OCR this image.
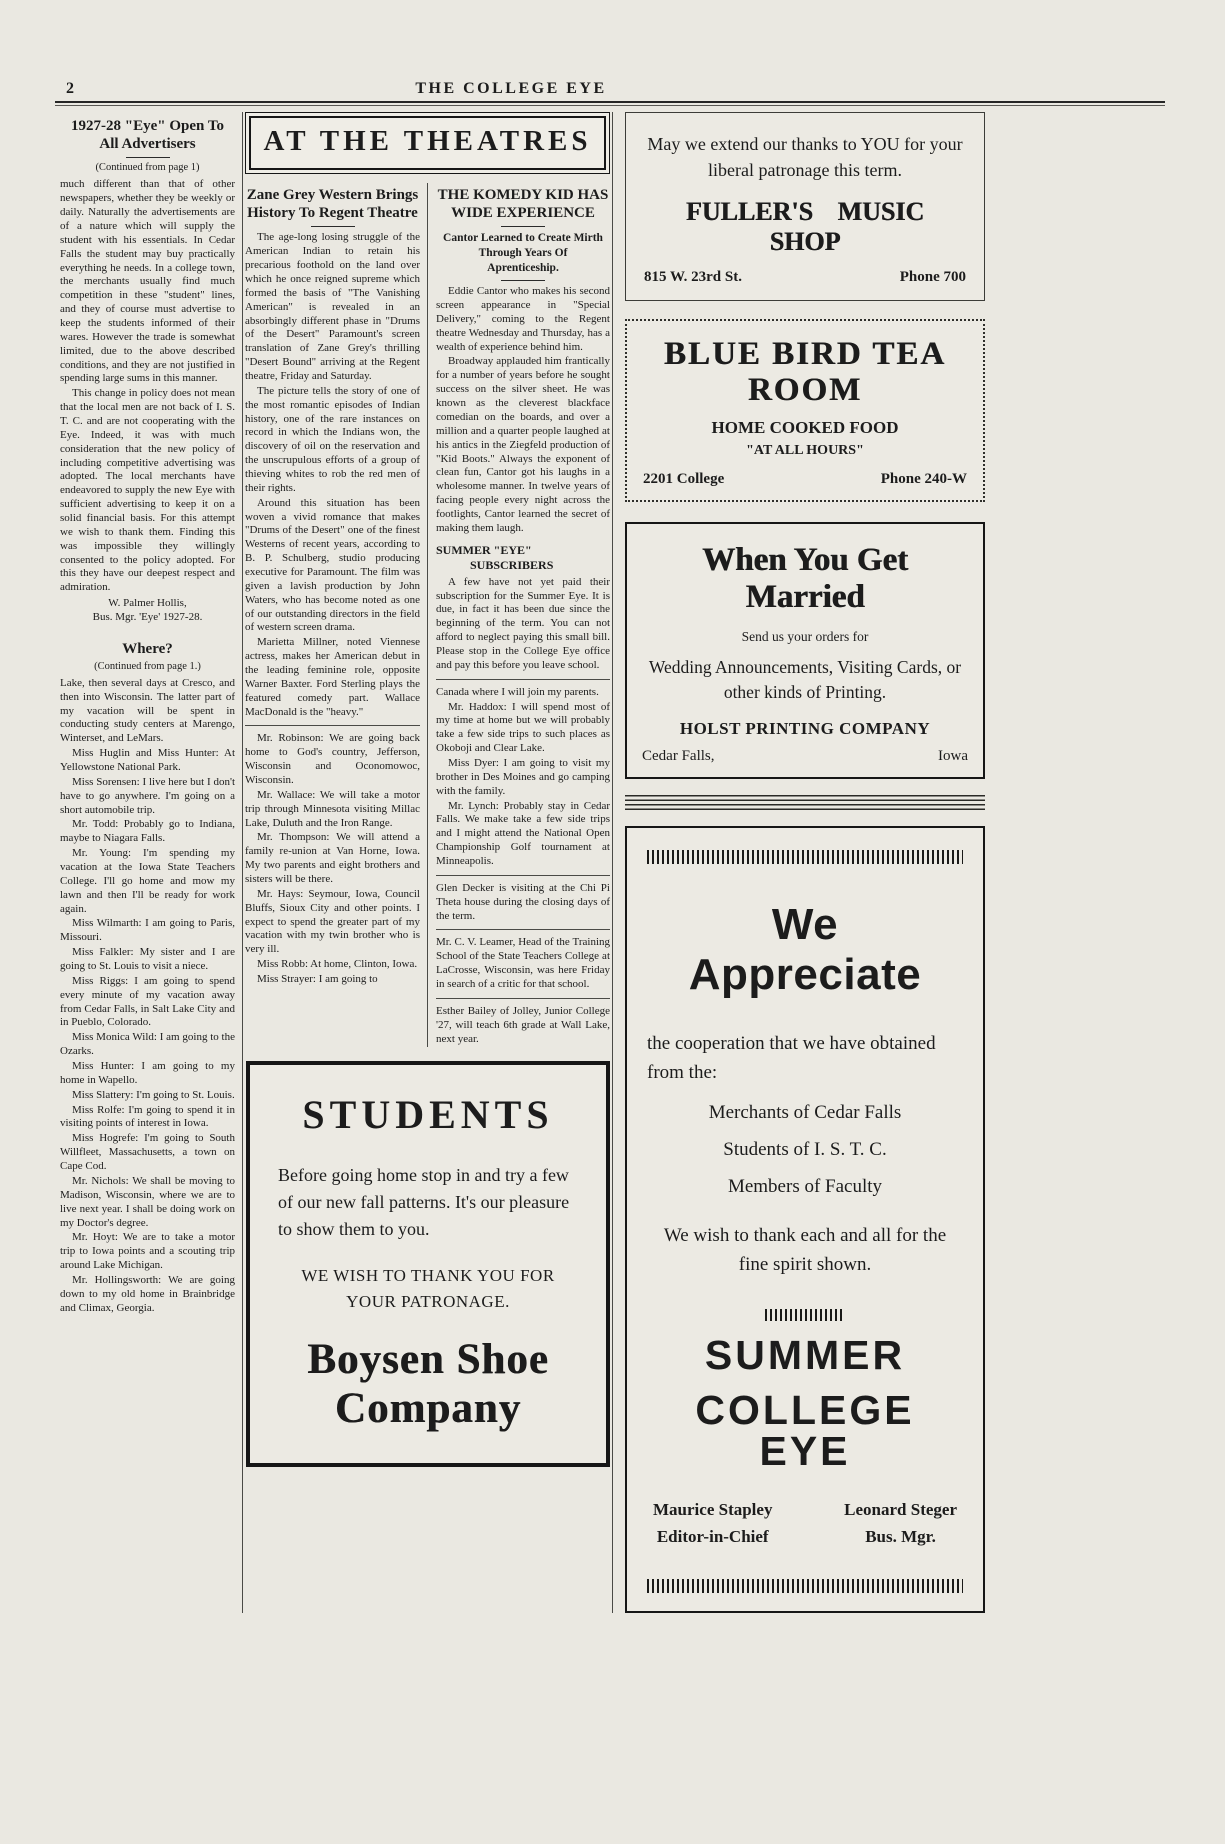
2	THE COLLEGE EYE
1927-28 "Eye" Open To All Advertisers
(Continued from page 1)

much different than that of other newspapers, whether they be weekly or daily. Naturally the advertisements are of a nature which will supply the student with his essentials. In Cedar Falls the student may buy practically everything he needs. In a college town, the merchants usually find much competition in these "student" lines, and they of course must advertise to keep the students informed of their wares. However the trade is somewhat limited, due to the above described conditions, and they are not justified in spending large sums in this manner.

This change in policy does not mean that the local men are not back of I. S. T. C. and are not cooperating with the Eye. Indeed, it was with much consideration that the new policy of including competitive advertising was adopted. The local merchants have endeavored to supply the new Eye with sufficient advertising to keep it on a solid financial basis. For this attempt we wish to thank them. Finding this was impossible they willingly consented to the policy adopted. For this they have our deepest respect and admiration.

W. Palmer Hollis,
Bus. Mgr. 'Eye' 1927-28.
Where?
(Continued from page 1.)

Lake, then several days at Cresco, and then into Wisconsin. The latter part of my vacation will be spent in conducting study centers at Marengo, Winterset, and LeMars.

Miss Huglin and Miss Hunter: At Yellowstone National Park.

Miss Sorensen: I live here but I don't have to go anywhere. I'm going on a short automobile trip.

Mr. Todd: Probably go to Indiana, maybe to Niagara Falls.

Mr. Young: I'm spending my vacation at the Iowa State Teachers College. I'll go home and mow my lawn and then I'll be ready for work again.

Miss Wilmarth: I am going to Paris, Missouri.

Miss Falkler: My sister and I are going to St. Louis to visit a niece.

Miss Riggs: I am going to spend every minute of my vacation away from Cedar Falls, in Salt Lake City and in Pueblo, Colorado.

Miss Monica Wild: I am going to the Ozarks.

Miss Hunter: I am going to my home in Wapello.

Miss Slattery: I'm going to St. Louis.

Miss Rolfe: I'm going to spend it in visiting points of interest in Iowa.

Miss Hogrefe: I'm going to South Willfleet, Massachusetts, a town on Cape Cod.

Mr. Nichols: We shall be moving to Madison, Wisconsin, where we are to live next year. I shall be doing work on my Doctor's degree.

Mr. Hoyt: We are to take a motor trip to Iowa points and a scouting trip around Lake Michigan.

Mr. Hollingsworth: We are going down to my old home in Brainbridge and Climax, Georgia.

AT THE THEATRES
Zane Grey Western Brings History To Regent Theatre

The age-long losing struggle of the American Indian to retain his precarious foothold on the land over which he once reigned supreme which formed the basis of "The Vanishing American" is revealed in an absorbingly different phase in "Drums of the Desert" Paramount's screen translation of Zane Grey's thrilling "Desert Bound" arriving at the Regent theatre, Friday and Saturday.

The picture tells the story of one of the most romantic episodes of Indian history, one of the rare instances on record in which the Indians won, the discovery of oil on the reservation and the unscrupulous efforts of a group of thieving whites to rob the red men of their rights.

Around this situation has been woven a vivid romance that makes "Drums of the Desert" one of the finest Westerns of recent years, according to B. P. Schulberg, studio producing executive for Paramount. The film was given a lavish production by John Waters, who has become noted as one of our outstanding directors in the field of western screen drama.

Marietta Millner, noted Viennese actress, makes her American debut in the leading feminine role, opposite Warner Baxter. Ford Sterling plays the featured comedy part. Wallace MacDonald is the "heavy."

Mr. Robinson: We are going back home to God's country, Jefferson, Wisconsin and Oconomowoc, Wisconsin.

Mr. Wallace: We will take a motor trip through Minnesota visiting Millac Lake, Duluth and the Iron Range.

Mr. Thompson: We will attend a family re-union at Van Horne, Iowa. My two parents and eight brothers and sisters will be there.

Mr. Hays: Seymour, Iowa, Council Bluffs, Sioux City and other points. I expect to spend the greater part of my vacation with my twin brother who is very ill.

Miss Robb: At home, Clinton, Iowa.

Miss Strayer: I am going to

THE KOMEDY KID HAS WIDE EXPERIENCE
Cantor Learned to Create Mirth Through Years Of Aprenticeship.

Eddie Cantor who makes his second screen appearance in "Special Delivery," coming to the Regent theatre Wednesday and Thursday, has a wealth of experience behind him.

Broadway applauded him frantically for a number of years before he sought success on the silver sheet. He was known as the cleverest blackface comedian on the boards, and over a million and a quarter people laughed at his antics in the Ziegfeld production of "Kid Boots." Always the exponent of clean fun, Cantor got his laughs in a wholesome manner. In twelve years of facing people every night across the footlights, Cantor learned the secret of making them laugh.

SUMMER "EYE"
SUBSCRIBERS

A few have not yet paid their subscription for the Summer Eye. It is due, in fact it has been due since the beginning of the term. You can not afford to neglect paying this small bill. Please stop in the College Eye office and pay this before you leave school.

Canada where I will join my parents.

Mr. Haddox: I will spend most of my time at home but we will probably take a few side trips to such places as Okoboji and Clear Lake.

Miss Dyer: I am going to visit my brother in Des Moines and go camping with the family.

Mr. Lynch: Probably stay in Cedar Falls. We make take a few side trips and I might attend the National Open Championship Golf tournament at Minneapolis.

Glen Decker is visiting at the Chi Pi Theta house during the closing days of the term.

Mr. C. V. Leamer, Head of the Training School of the State Teachers College at LaCrosse, Wisconsin, was here Friday in search of a critic for that school.

Esther Bailey of Jolley, Junior College '27, will teach 6th grade at Wall Lake, next year.

STUDENTS
Before going home stop in and try a few of our new fall patterns. It's our pleasure to show them to you.
WE WISH TO THANK YOU FOR
YOUR PATRONAGE.
Boysen Shoe
Company
May we extend our thanks to YOU for your liberal patronage this term.
FULLER'S MUSIC SHOP
815 W. 23rd St.	Phone 700
BLUE BIRD TEA
ROOM
HOME COOKED FOOD
"AT ALL HOURS"
2201 College	Phone 240-W
When You Get Married
Send us your orders for
Wedding Announcements, Visiting Cards, or other kinds of Printing.
HOLST PRINTING COMPANY
Cedar Falls,	Iowa
We Appreciate
the cooperation that we have obtained from the:
Merchants of Cedar Falls
Students of I. S. T. C.
Members of Faculty
We wish to thank each and all for the fine spirit shown.
SUMMER
COLLEGE EYE
Maurice Stapley
Editor-in-Chief
Leonard Steger
Bus. Mgr.
